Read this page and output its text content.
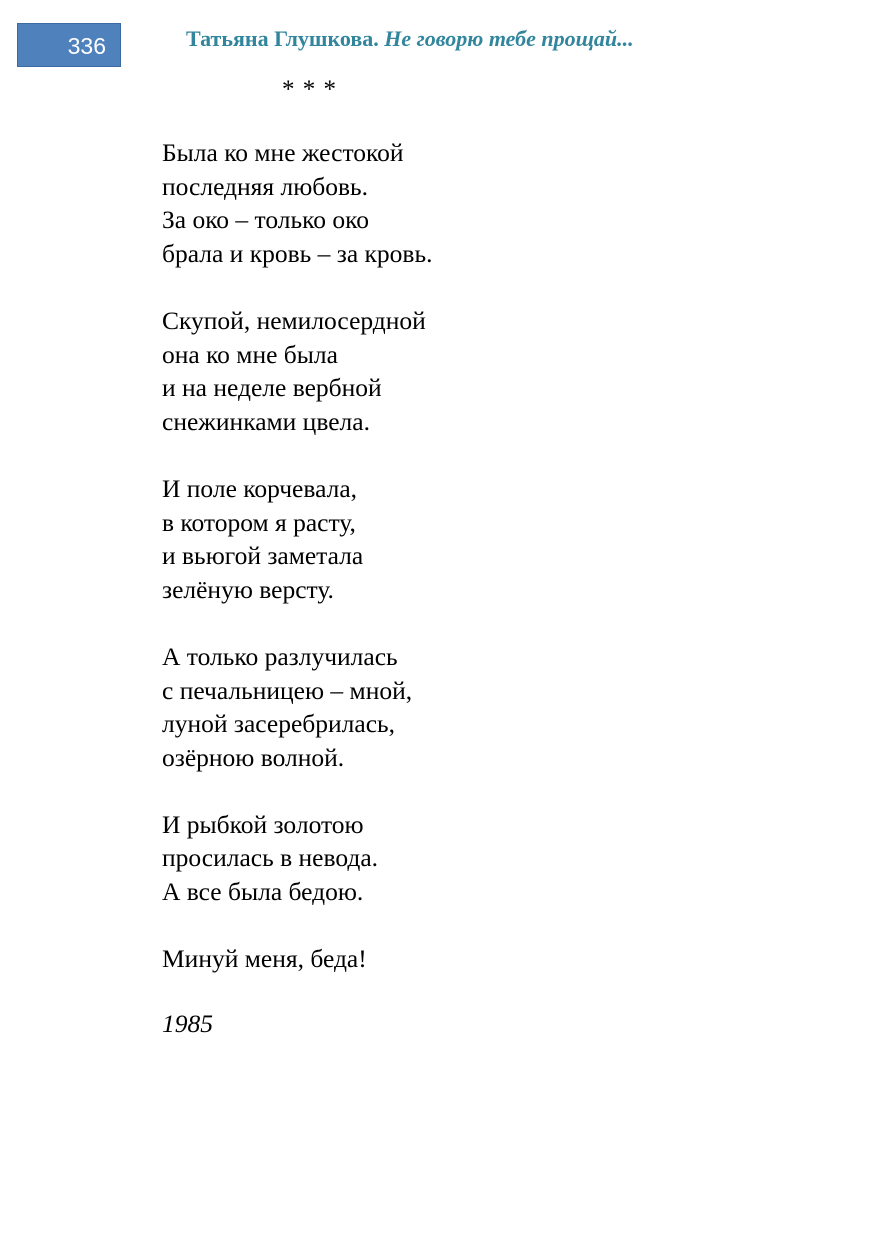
336	Татьяна Глушкова. Не говорю тебе прощай...
* * *
Была ко мне жестокой
последняя любовь.
За око – только око
брала и кровь – за кровь.
Скупой, немилосердной
она ко мне была
и на неделе вербной
снежинками цвела.
И поле корчевала,
в котором я расту,
и вьюгой заметала
зелёную версту.
А только разлучилась
с печальницею – мной,
луной засеребрилась,
озёрною волной.
И рыбкой золотою
просилась в невода.
А все была бедою.
Минуй меня, беда!
1985
